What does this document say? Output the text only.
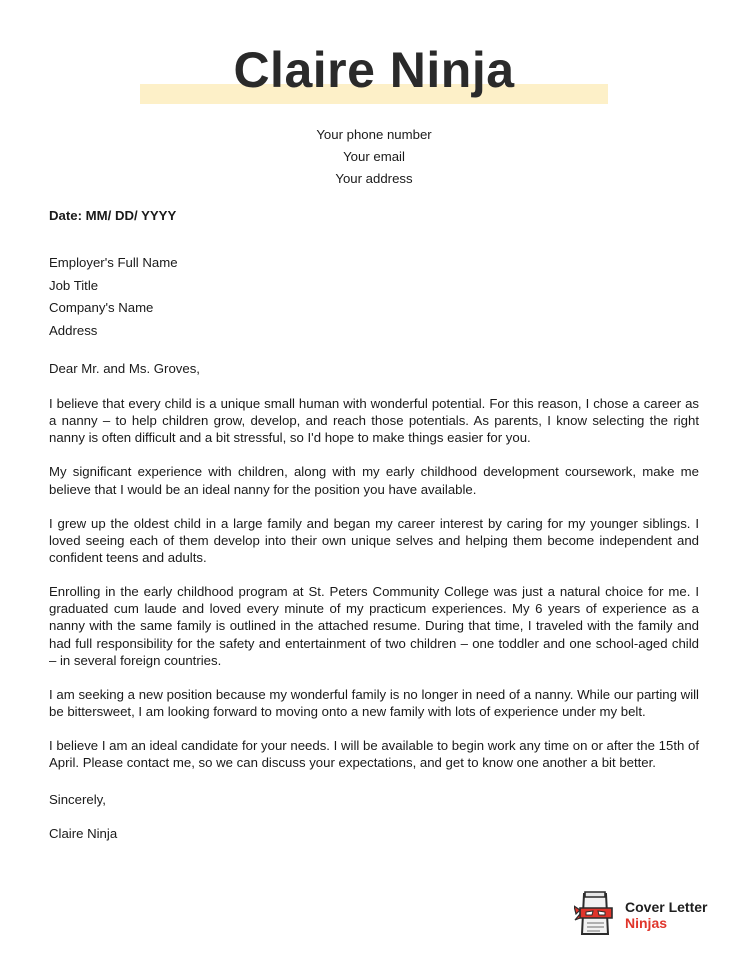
Claire Ninja
Your phone number
Your email
Your address
Date: MM/ DD/ YYYY
Employer's Full Name
Job Title
Company's Name
Address
Dear Mr. and Ms. Groves,

I believe that every child is a unique small human with wonderful potential. For this reason, I chose a career as a nanny – to help children grow, develop, and reach those potentials. As parents, I know selecting the right nanny is often difficult and a bit stressful, so I'd hope to make things easier for you.

My significant experience with children, along with my early childhood development coursework, make me believe that I would be an ideal nanny for the position you have available.

I grew up the oldest child in a large family and began my career interest by caring for my younger siblings. I loved seeing each of them develop into their own unique selves and helping them become independent and confident teens and adults.

Enrolling in the early childhood program at St. Peters Community College was just a natural choice for me. I graduated cum laude and loved every minute of my practicum experiences. My 6 years of experience as a nanny with the same family is outlined in the attached resume. During that time, I traveled with the family and had full responsibility for the safety and entertainment of two children – one toddler and one school-aged child – in several foreign countries.

I am seeking a new position because my wonderful family is no longer in need of a nanny. While our parting will be bittersweet, I am looking forward to moving onto a new family with lots of experience under my belt.

I believe I am an ideal candidate for your needs. I will be available to begin work any time on or after the 15th of April. Please contact me, so we can discuss your expectations, and get to know one another a bit better.

Sincerely,
Claire Ninja
Cover Letter
Ninjas
